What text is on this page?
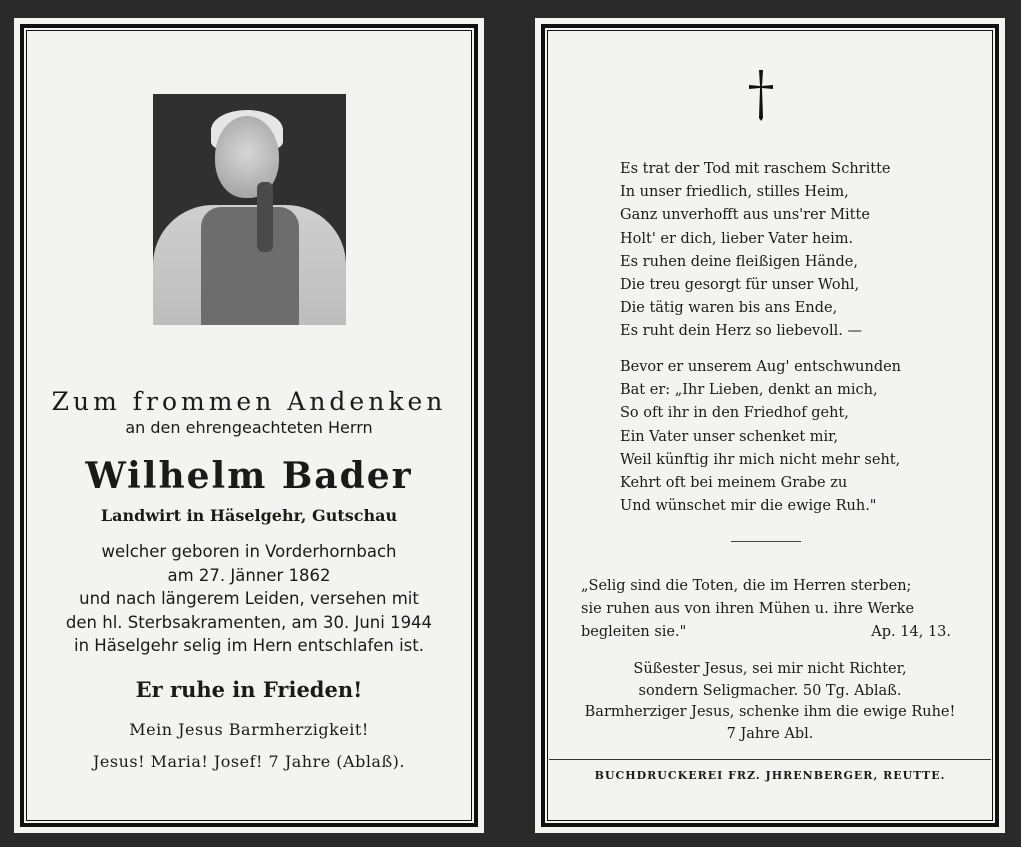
Zum frommen Andenken
an den ehrengeachteten Herrn
Wilhelm Bader
Landwirt in Häselgehr, Gutschau
welcher geboren in Vorderhornbach
am 27. Jänner 1862
und nach längerem Leiden, versehen mit
den hl. Sterbsakramenten, am 30. Juni 1944
in Häselgehr selig im Hern entschlafen ist.
Er ruhe in Frieden!
Mein Jesus Barmherzigkeit!
Jesus! Maria! Josef! 7 Jahre (Ablaß).
Es trat der Tod mit raschem Schritte
In unser friedlich, stilles Heim,
Ganz unverhofft aus uns'rer Mitte
Holt' er dich, lieber Vater heim.
Es ruhen deine fleißigen Hände,
Die treu gesorgt für unser Wohl,
Die tätig waren bis ans Ende,
Es ruht dein Herz so liebevoll. —
Bevor er unserem Aug' entschwunden
Bat er: „Ihr Lieben, denkt an mich,
So oft ihr in den Friedhof geht,
Ein Vater unser schenket mir,
Weil künftig ihr mich nicht mehr seht,
Kehrt oft bei meinem Grabe zu
Und wünschet mir die ewige Ruh."
„Selig sind die Toten, die im Herren sterben;
sie ruhen aus von ihren Mühen u. ihre Werke
begleiten sie."	Ap. 14, 13.
Süßester Jesus, sei mir nicht Richter,
sondern Seligmacher. 50 Tg. Ablaß.
Barmherziger Jesus, schenke ihm die ewige Ruhe!
7 Jahre Abl.
BUCHDRUCKEREI FRZ. JHRENBERGER, REUTTE.
